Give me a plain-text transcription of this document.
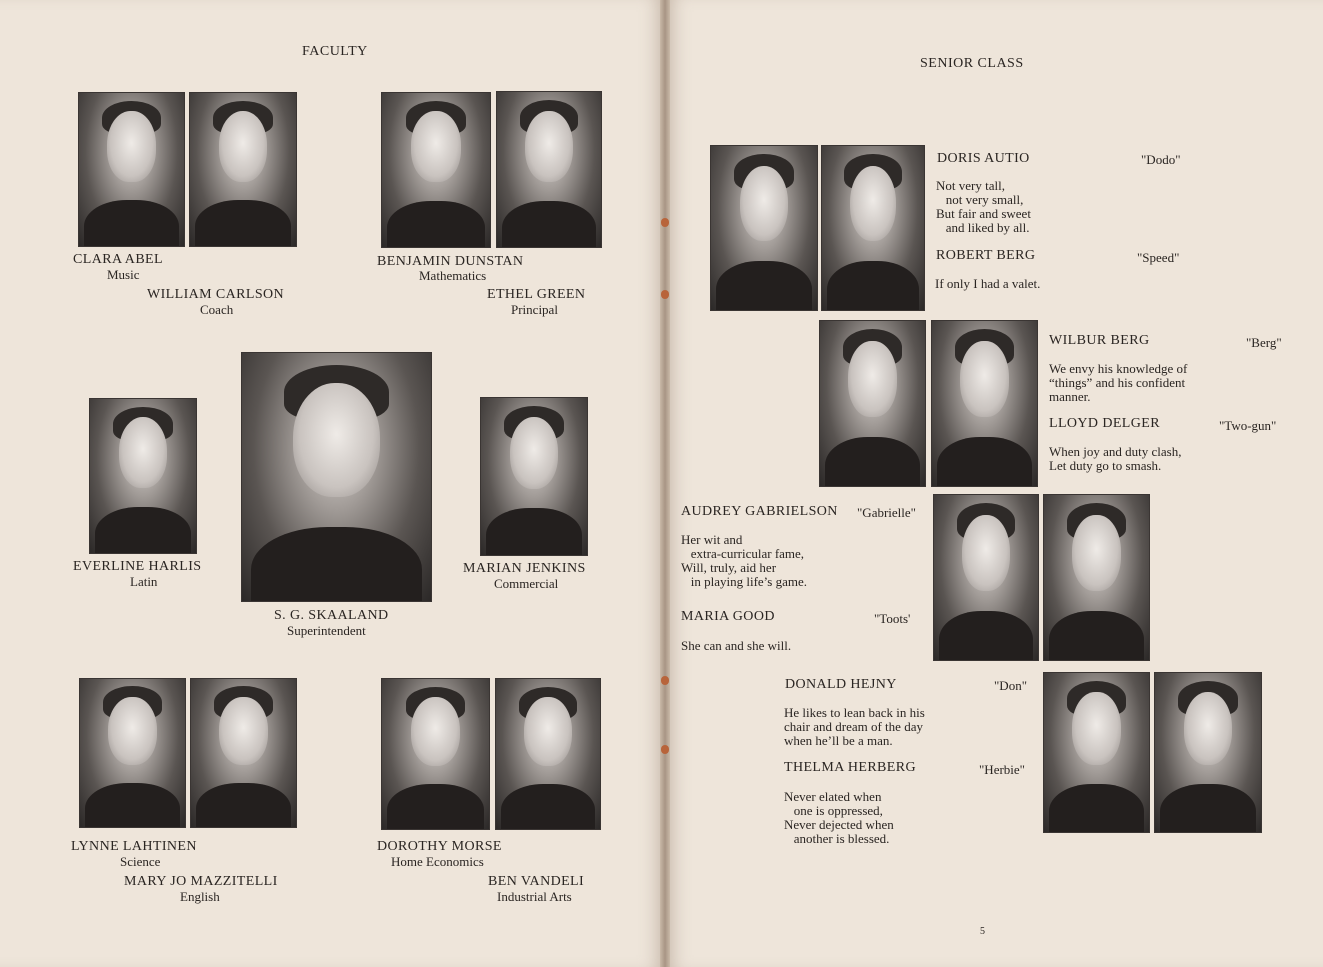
FACULTY
CLARA ABEL
Music
WILLIAM CARLSON
Coach
BENJAMIN DUNSTAN
Mathematics
ETHEL GREEN
Principal
EVERLINE HARLIS
Latin
S. G. SKAALAND
Superintendent
MARIAN JENKINS
Commercial
LYNNE LAHTINEN
Science
MARY JO MAZZITELLI
English
DOROTHY MORSE
Home Economics
BEN VANDELI
Industrial Arts
SENIOR CLASS
DORIS AUTIO	"Dodo"
Not very tall,
not very small,
But fair and sweet
and liked by all.
ROBERT BERG	"Speed"
If only I had a valet.
WILBUR BERG	"Berg"
We envy his knowledge of
“things” and his confident
manner.
LLOYD DELGER	"Two-gun"
When joy and duty clash,
Let duty go to smash.
AUDREY GABRIELSON "Gabrielle"
Her wit and
extra-curricular fame,
Will, truly, aid her
in playing life’s game.
MARIA GOOD	"Toots'
She can and she will.
DONALD HEJNY	"Don"
He likes to lean back in his
chair and dream of the day
when he’ll be a man.
THELMA HERBERG	"Herbie"
Never elated when
one is oppressed,
Never dejected when
another is blessed.
5
